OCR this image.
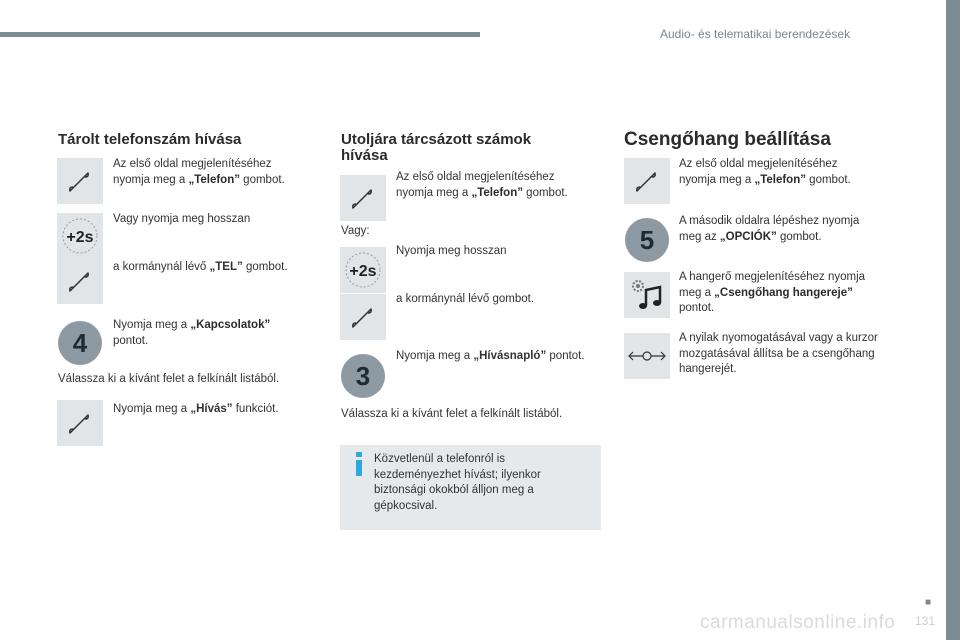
Audio- és telematikai berendezések
Tárolt telefonszám hívása
Az első oldal megjelenítéséhez nyomja meg a „Telefon” gombot.
+2s
Vagy nyomja meg hosszan
a kormánynál lévő „TEL” gombot.
4
Nyomja meg a „Kapcsolatok” pontot.
Válassza ki a kívánt felet a felkínált listából.
Nyomja meg a „Hívás” funkciót.
Utoljára tárcsázott számok hívása
Az első oldal megjelenítéséhez nyomja meg a „Telefon” gombot.
Vagy:
+2s
Nyomja meg hosszan
a kormánynál lévő gombot.
3
Nyomja meg a „Hívásnapló” pontot.
Válassza ki a kívánt felet a felkínált listából.
Közvetlenül a telefonról is kezdeményezhet hívást; ilyenkor biztonsági okokból álljon meg a gépkocsival.
Csengőhang beállítása
Az első oldal megjelenítéséhez nyomja meg a „Telefon” gombot.
5
A második oldalra lépéshez nyomja meg az „OPCIÓK” gombot.
A hangerő megjelenítéséhez nyomja meg a „Csengőhang hangereje” pontot.
A nyilak nyomogatásával vagy a kurzor mozgatásával állítsa be a csengőhang hangerejét.
carmanualsonline.info
■
131
